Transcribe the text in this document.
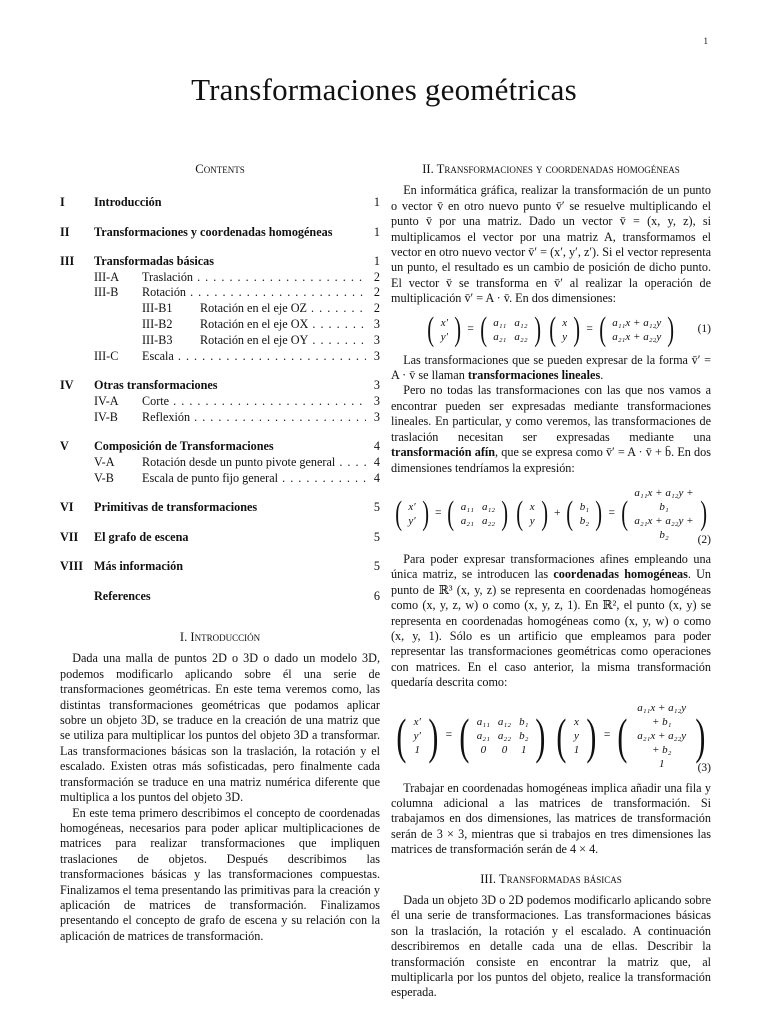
1
Transformaciones geométricas
Contents
I	Introducción	1
II	Transformaciones y coordenadas homogéneas	1
III	Transformadas básicas	1
III-A	Traslación . . .	2
III-B	Rotación . . .	2
III-B1	Rotación en el eje OZ . . .	2
III-B2	Rotación en el eje OX . . .	3
III-B3	Rotación en el eje OY . . .	3
III-C	Escala . . .	3
IV	Otras transformaciones	3
IV-A	Corte . . .	3
IV-B	Reflexión . . .	3
V	Composición de Transformaciones	4
V-A	Rotación desde un punto pivote general . . .	4
V-B	Escala de punto fijo general . . .	4
VI	Primitivas de transformaciones	5
VII	El grafo de escena	5
VIII Más información	5
References	6
I. Introducción

Dada una malla de puntos 2D o 3D o dado un modelo 3D, podemos modificarlo aplicando sobre él una serie de transformaciones geométricas. En este tema veremos como, las distintas transformaciones geométricas que podamos aplicar sobre un objeto 3D, se traduce en la creación de una matriz que se utiliza para multiplicar los puntos del objeto 3D a transformar. Las transformaciones básicas son la traslación, la rotación y el escalado. Existen otras más sofisticadas, pero finalmente cada transformación se traduce en una matriz numérica diferente que multiplica a los puntos del objeto 3D.

En este tema primero describimos el concepto de coordenadas homogéneas, necesarios para poder aplicar multiplicaciones de matrices para realizar transformaciones que impliquen traslaciones de objetos. Después describimos las transformaciones básicas y las transformaciones compuestas. Finalizamos el tema presentando las primitivas para la creación y aplicación de matrices de transformación. Finalizamos presentando el concepto de grafo de escena y su relación con la aplicación de matrices de transformación.

II. Transformaciones y coordenadas homogéneas

En informática gráfica, realizar la transformación de un punto o vector v̄ en otro nuevo punto v̄′ se resuelve multiplicando el punto v̄ por una matriz. Dado un vector v̄ = (x, y, z), si multiplicamos el vector por una matriz A, transformamos el vector en otro nuevo vector v̄′ = (x′, y′, z′). Si el vector representa un punto, el resultado es un cambio de posición de dicho punto. El vector v̄ se transforma en v̄′ al realizar la operación de multiplicación v̄′ = A · v̄. En dos dimensiones:

( x′
y′ ) = ( a₁₁	a₁₂
a₂₁	a₂₂ ) ( x
y ) = ( a₁₁x + a₁₂y
a₂₁x + a₂₂y ) (1)

Las transformaciones que se pueden expresar de la forma v̄′ = A · v̄ se llaman transformaciones lineales.

Pero no todas las transformaciones con las que nos vamos a encontrar pueden ser expresadas mediante transformaciones lineales. En particular, y como veremos, las transformaciones de traslación necesitan ser expresadas mediante una transformación afín, que se expresa como v̄′ = A · v̄ + b̄. En dos dimensiones tendríamos la expresión:

( x′
y′ ) = ( a₁₁	a₁₂
a₂₁	a₂₂ ) ( x
y ) + ( b₁
b₂ ) = (
a₁₁x + a₁₂y + b₁
a₂₁x + a₂₂y + b₂
)
(2)

Para poder expresar transformaciones afines empleando una única matriz, se introducen las coordenadas homogéneas. Un punto de ℝ³ (x, y, z) se representa en coordenadas homogéneas como (x, y, z, w) o como (x, y, z, 1). En ℝ², el punto (x, y) se representa en coordenadas homogéneas como (x, y, w) o como (x, y, 1). Sólo es un artificio que empleamos para poder representar las transformaciones geométricas como operaciones con matrices. En el caso anterior, la misma transformación quedaría descrita como:

( x′
y′
1 ) = ( a₁₁	a₁₂	b₁
a₂₁	a₂₂	b₂
0	0	1 ) ( x
y
1 ) = ( a₁₁x + a₁₂y + b₁
a₂₁x + a₂₂y + b₂
1 )
(3)

Trabajar en coordenadas homogéneas implica añadir una fila y columna adicional a las matrices de transformación. Si trabajamos en dos dimensiones, las matrices de transformación serán de 3 × 3, mientras que si trabajos en tres dimensiones las matrices de transformación serán de 4 × 4.

III. Transformadas básicas

Dada un objeto 3D o 2D podemos modificarlo aplicando sobre él una serie de transformaciones. Las transformaciones básicas son la traslación, la rotación y el escalado. A continuación describiremos en detalle cada una de ellas. Describir la transformación consiste en encontrar la matriz que, al multiplicarla por los puntos del objeto, realice la transformación esperada.
